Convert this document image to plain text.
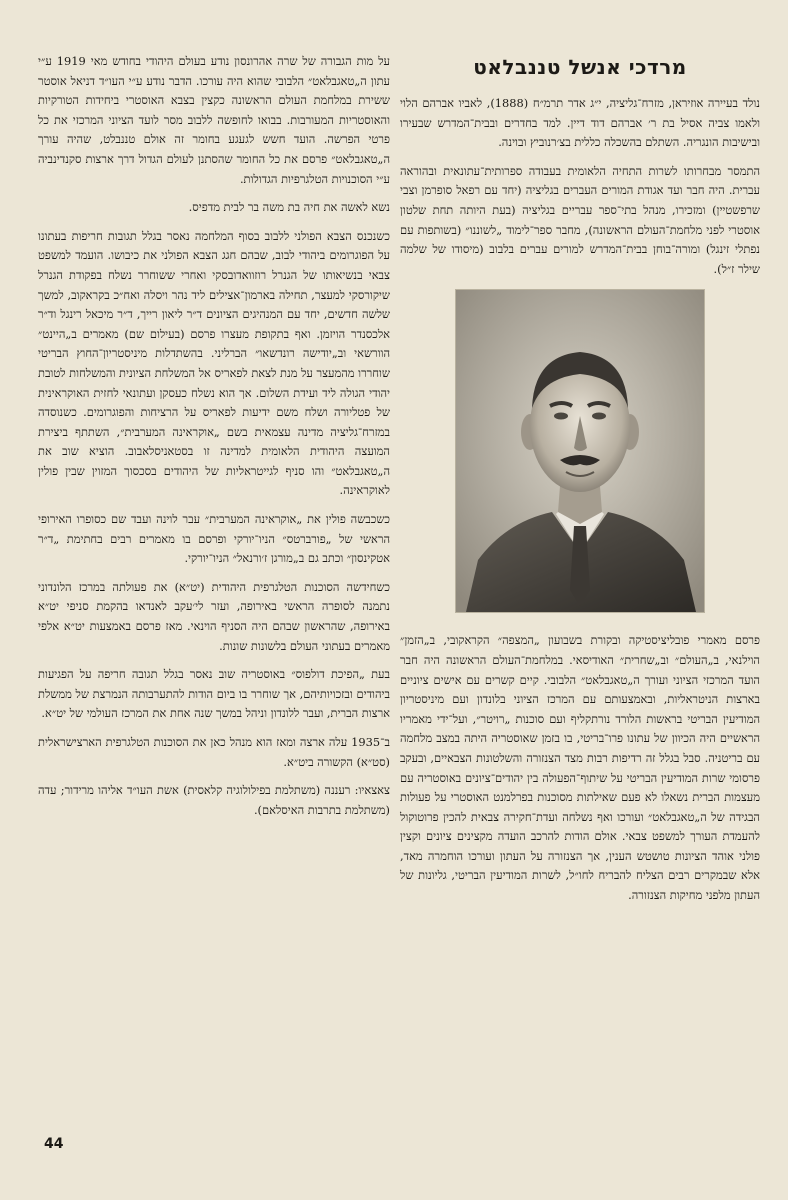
מרדכי אנשל טננבלאט

נולד בעיירה אוזיראן, מזרח־גליציה, י״ג אדר תרמ״ח (1888), לאביו אברהם הלוי ולאמו צביה אסיל בת ר׳ אברהם דוד דיין. למד בחדרים ובבית־המדרש שבעירו ובישיבות הונגריה. השתלם בהשכלה כללית בצ׳רנוביץ ובוינה.

התמסר מבחרותו לשרות התחיה הלאומית בעבודה ספרותית־עתונאית ובהוראה עברית. היה חבר ועד אגודת המורים העברים בגליציה (יחד עם רפאל סופרמן וצבי שרפשטיין) ומזכירו, מנהל בתי־ספר עבריים בגליציה (בעת היותה תחת שלטון אוסטרי לפני מלחמת־העולם הראשונה), מחבר ספר־לימוד „לשוננו״ (בשותפות עם נפתלי זינגל) ומורה־בוחן בבית־המדרש למורים עברים בלבוב (מיסודו של שלמה שילר ז״ל).

פרסם מאמרי פובליציסטיקה ובקורת בשבועון „המצפה״ הקראקובי, ב„הזמן״ הוילנאי, ב„העולם״ וב„שחרית״ האודיסאי. במלחמת־העולם הראשונה היה חבר הועד המרכזי הציוני ועורך ה„טאגבלאט״ הלבובי. קיים קשרים עם אישים ציוניים בארצות הניטראליות, ובאמצעותם עם המרכז הציוני בלונדון ועם מיניסטריון המודיעין הבריטי בראשות הלורד נורתקליף ועם סוכנות „רויטר״, ועל־ידי מאמריו הראשיים היה הכיוון של עתונו פרו־בריטי, בו בזמן שאוסטריה היתה במצב מלחמה עם בריטניה. סבל בגלל זה רדיפות רבות מצד הצנזורה והשלטונות הצבאיים, ובעקב פרסומי שרות המודיעין הבריטי על שיתוף־הפעולה בין יהודים־ציונים באוסטריה עם מעצמות הברית נשאלו לא פעם שאילתות מסוכנות בפרלמנט האוסטרי על פעולות הבגידה של ה„טאגבלאט״ ועורכו ואף נשלחה ועדת־חקירה צבאית להכין פרוטוקול להעמדת העורך למשפט צבאי. אולם הודות להרכב הועדה מקצינים ציונים וקצין פולני אוהד הציונות טושטש הענין, אך הצנזורה על העתון ועורכו הוחמרה מאד, אלא שבמקרים רבים הצליח להבריח לחו״ל, לשרות המודיעין הבריטי, גליונות של העתון מלפני מחיקות הצנזורה.

על מות הגבורה של שרה אהרונסון נודע בעולם היהודי בחודש מאי 1919 ע״י עתון ה„טאגבלאט״ הלבובי שהוא היה עורכו. הדבר נודע ע״י העו״ד דניאל אוסטר ששירת במלחמת העולם הראשונה כקצין בצבא האוסטרי ביחידות הטורקיות והאוסטריות המעורבות. בבואו לחופשה ללבוב מסר לועד הציוני המרכזי את כל פרטי הפרשה. הועד חשש לגעגע בחומר זה אולם טננבלט, שהיה עורך ה„טאגבלאט״ פרסם את כל החומר שהסתנן לעולם הגדול דרך ארצות סקנדינביה ע״י הסוכנויות הטלגרפיות הגדולות.

נשא לאשה את חיה בת משה בר לבית מדפיס.

כשנכנס הצבא הפולני ללבוב בסוף המלחמה נאסר בגלל תגובות חריפות בעתונו על הפוגרומים ביהודי לבוב, שבהם חגג הצבא הפולני את כיבושו. הועמד למשפט צבאי בנשיאותו של הגנרל רוזוואדובסקי ואחרי ששוחרר נשלח בפקודת הגנרל שיקורסקי למעצר, תחילה בארמון־אצילים ליד נהר ויסלה ואח״כ בקראקוב, למשך שלשה חדשים, יחד עם המנהיגים הציונים ד״ר ליאון רייך, ד״ר מיכאל רינגל וד״ר אלכסנדר הויזמן. ואף בתקופת מעצרו פרסם (בעילום שם) מאמרים ב„היינט״ הוורשאי וב„יודישה רונדשאו״ הברליני. בהשתדלות מיניסטריון־החוץ הבריטי שוחררו מהמעצר על מנת לצאת לפאריס אל המשלחת הציונית והמשלחות לטובת יהודי הגולה ליד ועידת השלום. אך הוא נשלח כעסקן ועתונאי לחזית האוקראינית של פטליורה ושלח משם ידיעות לפאריס על הרציחות והפוגרומים. כשנוסדה במזרח־גליציה מדינה עצמאית בשם „אוקראינה המערבית״, השתתף ביצירת המועצה היהודית הלאומית למדינה זו בסטאניסלאבוב. הוציא שוב את ה„טאגבלאט״ והו סניף לגייטראליות של היהודים בסכסוך המזוין שבין פולין לאוקראינה.

כשכבשה פולין את „אוקראינה המערבית״ עבר לוינה ועבד שם כסופרו האירופי הראשי של „פורברטס״ הניו־יורקי ופרסם בו מאמרים רבים בחתימת „ד״ר אטקינסון״ וכתב גם ב„מורגן ז׳ורנאל״ הניו־יורקי.

כשחידשה הסוכנות הטלגרפית היהודית (יט״א) את פעולתה במרכז הלונדוני נתמנה לסופרה הראשי באירופה, ועזר לי׳עקב לאנדאו בהקמת סניפי יט״א באירופה, שהראשון שבהם היה הסניף הוינאי. מאז פרסם באמצעות יט״א אלפי מאמרים בעתוני העולם בלשונות שונות.

בעת „הפיכת דולפוס״ באוסטריה שוב נאסר בגלל תגובה חריפה על הפגיעות ביהודים ובזכויותיהם, אך שוחרר בו ביום הודות להתערבותה הנמרצת של ממשלת ארצות הברית, ועבר ללונדון וניהל במשך שנה אחת את המרכז העולמי של יט״א.

ב־1935 עלה ארצה ומאז הוא מנהל כאן את הסוכנות הטלגרפית הארצישראלית (סט״א) הקשורה ביט״א.

צאצאיו: רעננה (משתלמת בפילולוגיה קלאסית) אשת העו״ד אליהו מרידור; עדה (משתלמת בתרבות האיסלאם).

44
